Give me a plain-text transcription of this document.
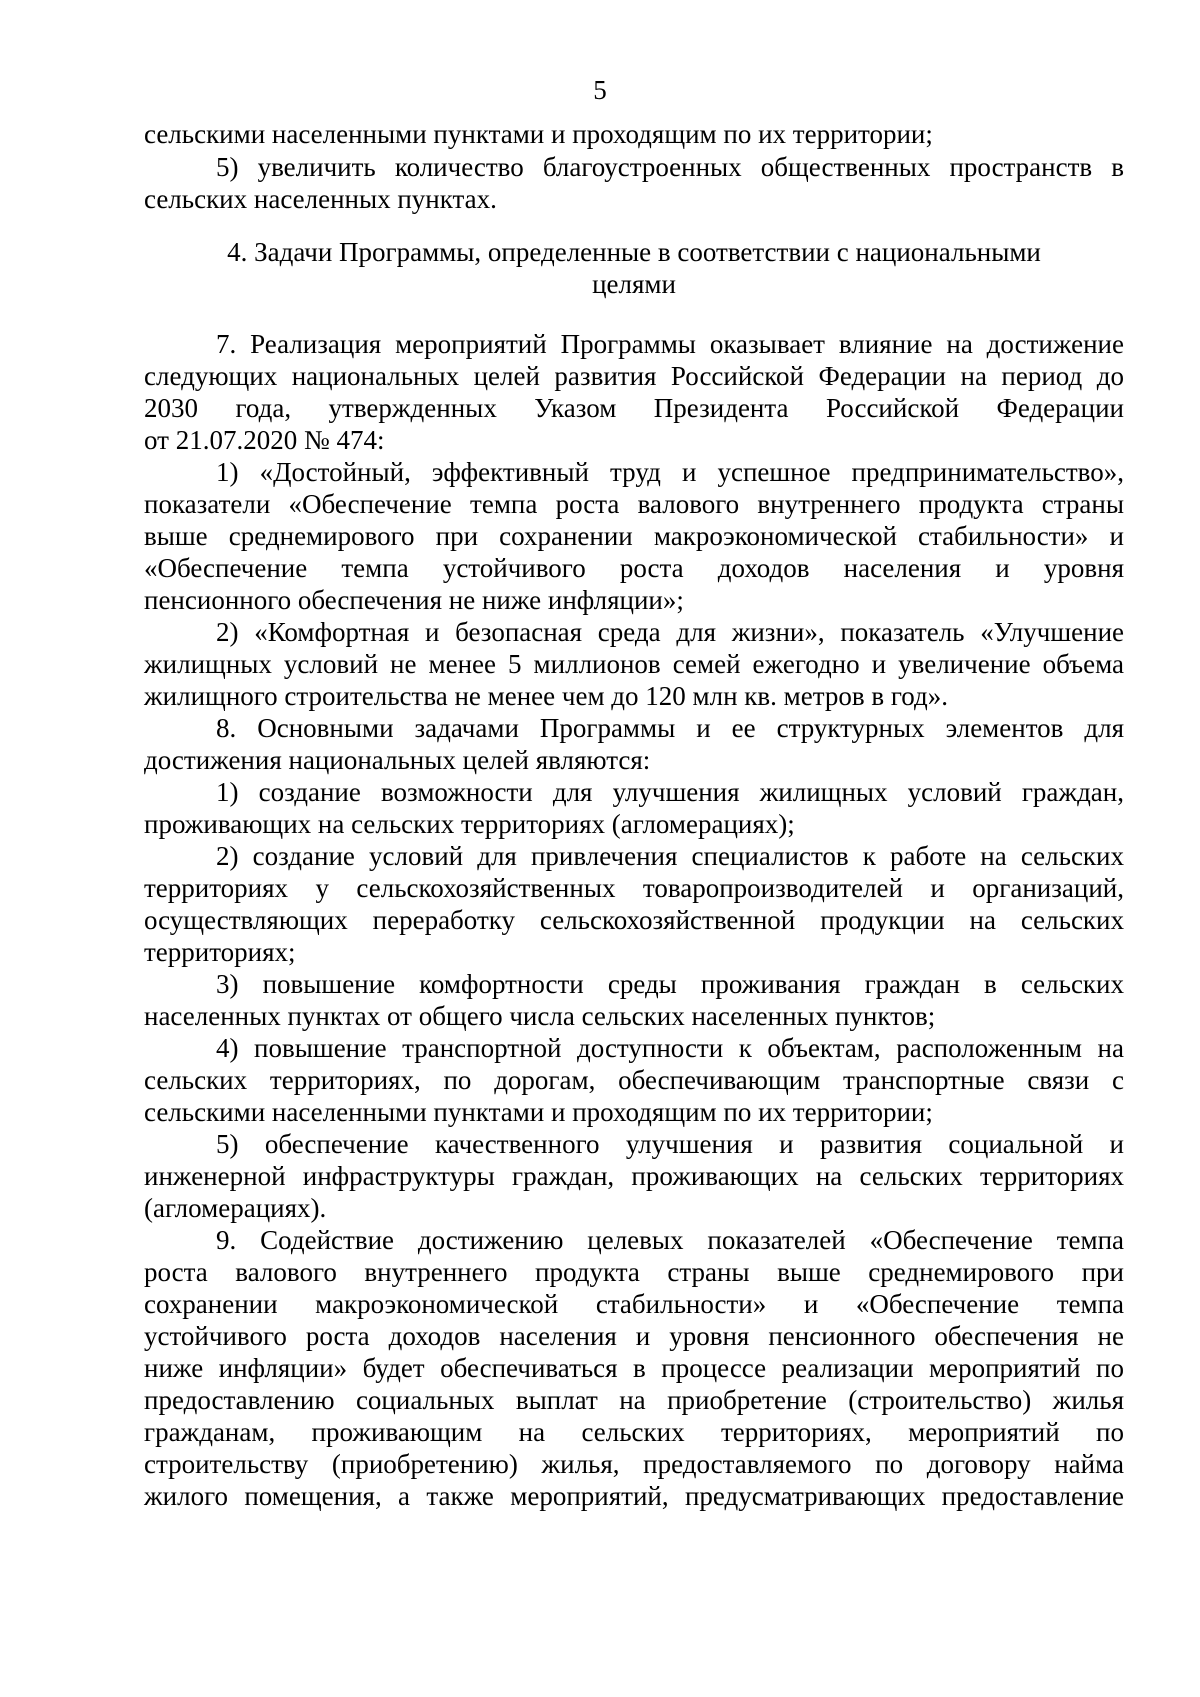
5
сельскими населенными пунктами и проходящим по их территории;
5) увеличить количество благоустроенных общественных пространств в
сельских населенных пунктах.
4. Задачи Программы, определенные в соответствии с национальными
целями
7. Реализация мероприятий Программы оказывает влияние на достижение
следующих национальных целей развития Российской Федерации на период до
2030 года, утвержденных Указом Президента Российской Федерации
от 21.07.2020 № 474:
1) «Достойный, эффективный труд и успешное предпринимательство»,
показатели «Обеспечение темпа роста валового внутреннего продукта страны
выше среднемирового при сохранении макроэкономической стабильности» и
«Обеспечение темпа устойчивого роста доходов населения и уровня
пенсионного обеспечения не ниже инфляции»;
2) «Комфортная и безопасная среда для жизни», показатель «Улучшение
жилищных условий не менее 5 миллионов семей ежегодно и увеличение объема
жилищного строительства не менее чем до 120 млн кв. метров в год».
8. Основными задачами Программы и ее структурных элементов для
достижения национальных целей являются:
1) создание возможности для улучшения жилищных условий граждан,
проживающих на сельских территориях (агломерациях);
2) создание условий для привлечения специалистов к работе на сельских
территориях у сельскохозяйственных товаропроизводителей и организаций,
осуществляющих переработку сельскохозяйственной продукции на сельских
территориях;
3) повышение комфортности среды проживания граждан в сельских
населенных пунктах от общего числа сельских населенных пунктов;
4) повышение транспортной доступности к объектам, расположенным на
сельских территориях, по дорогам, обеспечивающим транспортные связи с
сельскими населенными пунктами и проходящим по их территории;
5) обеспечение качественного улучшения и развития социальной и
инженерной инфраструктуры граждан, проживающих на сельских территориях
(агломерациях).
9. Содействие достижению целевых показателей «Обеспечение темпа
роста валового внутреннего продукта страны выше среднемирового при
сохранении макроэкономической стабильности» и «Обеспечение темпа
устойчивого роста доходов населения и уровня пенсионного обеспечения не
ниже инфляции» будет обеспечиваться в процессе реализации мероприятий по
предоставлению социальных выплат на приобретение (строительство) жилья
гражданам, проживающим на сельских территориях, мероприятий по
строительству (приобретению) жилья, предоставляемого по договору найма
жилого помещения, а также мероприятий, предусматривающих предоставление
